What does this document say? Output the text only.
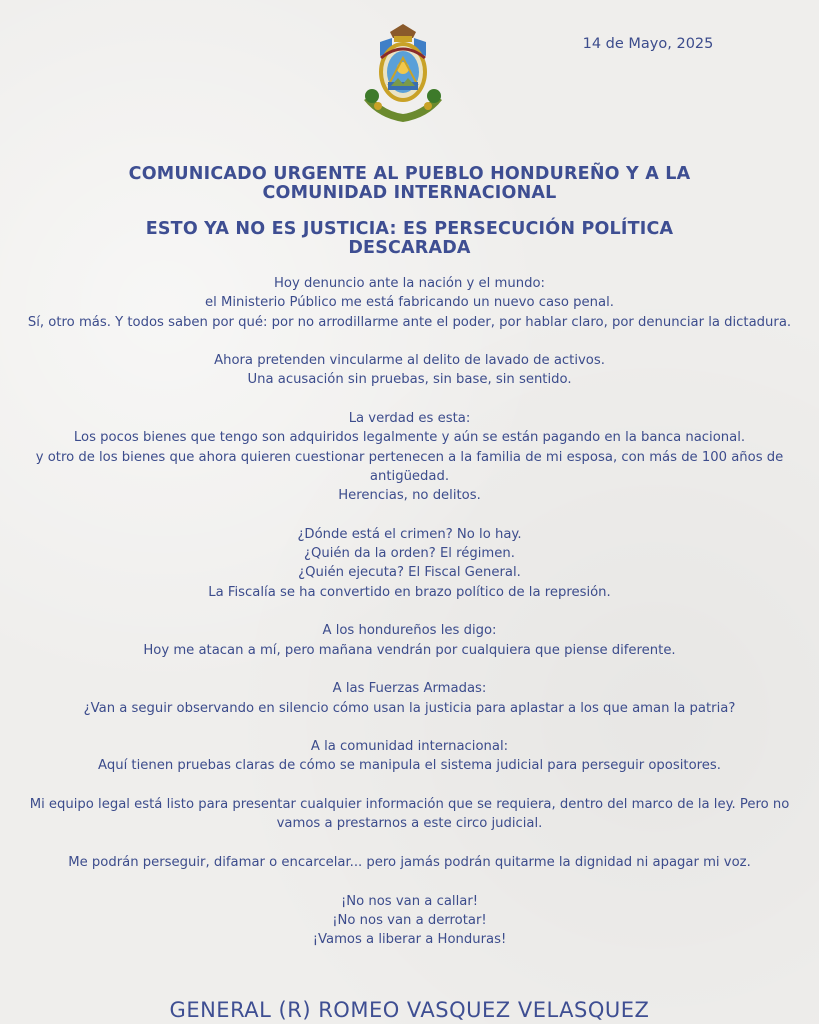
14 de Mayo, 2025
COMUNICADO URGENTE AL PUEBLO HONDUREÑO Y A LA
COMUNIDAD INTERNACIONAL
ESTO YA NO ES JUSTICIA: ES PERSECUCIÓN POLÍTICA
DESCARADA
Hoy denuncio ante la nación y el mundo:
el Ministerio Público me está fabricando un nuevo caso penal.
Sí, otro más. Y todos saben por qué: por no arrodillarme ante el poder, por hablar claro, por denunciar la dictadura.
Ahora pretenden vincularme al delito de lavado de activos.
Una acusación sin pruebas, sin base, sin sentido.
La verdad es esta:
Los pocos bienes que tengo son adquiridos legalmente y aún se están pagando en la banca nacional.
y otro de los bienes que ahora quieren cuestionar pertenecen a la familia de mi esposa, con más de 100 años de
antigüedad.
Herencias, no delitos.
¿Dónde está el crimen? No lo hay.
¿Quién da la orden? El régimen.
¿Quién ejecuta? El Fiscal General.
La Fiscalía se ha convertido en brazo político de la represión.
A los hondureños les digo:
Hoy me atacan a mí, pero mañana vendrán por cualquiera que piense diferente.
A las Fuerzas Armadas:
¿Van a seguir observando en silencio cómo usan la justicia para aplastar a los que aman la patria?
A la comunidad internacional:
Aquí tienen pruebas claras de cómo se manipula el sistema judicial para perseguir opositores.
Mi equipo legal está listo para presentar cualquier información que se requiera, dentro del marco de la ley. Pero no
vamos a prestarnos a este circo judicial.
Me podrán perseguir, difamar o encarcelar... pero jamás podrán quitarme la dignidad ni apagar mi voz.
¡No nos van a callar!
¡No nos van a derrotar!
¡Vamos a liberar a Honduras!
GENERAL (R) ROMEO VASQUEZ VELASQUEZ
